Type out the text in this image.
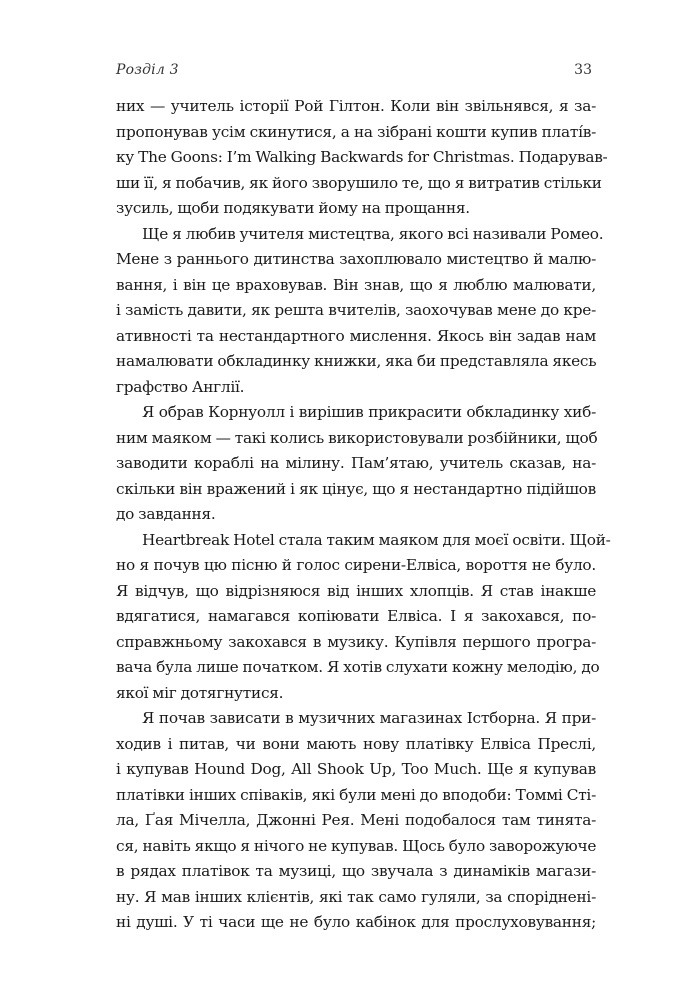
Розділ 3	33
них — учитель історії Рой Гілтон. Коли він звільнявся, я за-
пропонував усім скинутися, а на зібрані кошти купив платíв-
ку The Goons: I’m Walking Backwards for Christmas. Подарував-
ши її, я побачив, як його зворушило те, що я витратив стільки
зусиль, щоби подякувати йому на прощання.
Ще я любив учителя мистецтва, якого всі називали Ромео.
Мене з раннього дитинства захоплювало мистецтво й малю-
вання, і він це враховував. Він знав, що я люблю малювати,
і замість давити, як решта вчителів, заохочував мене до кре-
ативності та нестандартного мислення. Якось він задав нам
намалювати обкладинку книжки, яка би представляла якесь
графство Англії.
Я обрав Корнуолл і вирішив прикрасити обкладинку хиб-
ним маяком — такі колись використовували розбійники, щоб
заводити кораблі на мілину. Пам’ятаю, учитель сказав, на-
скільки він вражений і як цінує, що я нестандартно підійшов
до завдання.
Heartbreak Hotel стала таким маяком для моєї освіти. Щой-
но я почув цю пісню й голос сирени-Елвіса, вороття не було.
Я відчув, що відрізняюся від інших хлопців. Я став інакше
вдягатися, намагався копіювати Елвіса. І я закохався, по-
справжньому закохався в музику. Купівля першого програ-
вача була лише початком. Я хотів слухати кожну мелодію, до
якої міг дотягнутися.
Я почав зависати в музичних магазинах Істборна. Я при-
ходив і питав, чи вони мають нову платівку Елвіса Преслі,
і купував Hound Dog, All Shook Up, Too Much. Ще я купував
платівки інших співаків, які були мені до вподоби: Томмі Сті-
ла, Ґая Мічелла, Джонні Рея. Мені подобалося там тинята-
ся, навіть якщо я нічого не купував. Щось було заворожуюче
в рядах платівок та музиці, що звучала з динаміків магази-
ну. Я мав інших клієнтів, які так само гуляли, за споріднені-
ні душі. У ті часи ще не було кабінок для прослуховування;
